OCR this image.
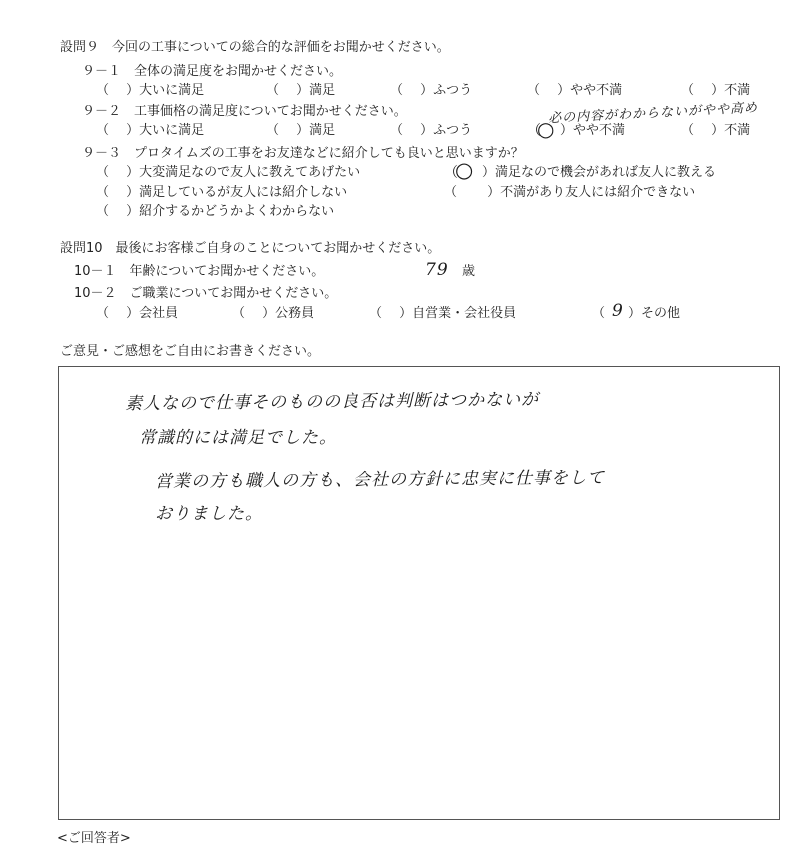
設問９　今回の工事についての総合的な評価をお聞かせください。
９－１　全体の満足度をお聞かせください。
（　 ）大いに満足	（　 ）満足	（　 ）ふつう	（　 ）やや不満	（　 ）不満
９－２　工事価格の満足度についてお聞かせください。
（　 ）大いに満足	（　 ）満足	（　 ）ふつう	（
○ ）やや不満	（　 ）不満
必の内容がわからないがやや高め
９－３　プロタイムズの工事をお友達などに紹介しても良いと思いますか？
（　 ）大変満足なので友人に教えてあげたい	（
○ ）満足なので機会があれば友人に教える
（　 ）満足しているが友人には紹介しない	（　　 ）不満があり友人には紹介できない
（　 ）紹介するかどうかよくわからない
設問10　最後にお客様ご自身のことについてお聞かせください。
10－１　年齢についてお聞かせください。	79 歳
10－２　ご職業についてお聞かせください。
（　 ）会社員	（　 ）公務員	（　 ）自営業・会社役員	（ 9 ）その他
ご意見・ご感想をご自由にお書きください。
素人なので仕事そのものの良否は判断はつかないが
常識的には満足でした。
営業の方も職人の方も、会社の方針に忠実に仕事をして
おりました。
<ご回答者>
